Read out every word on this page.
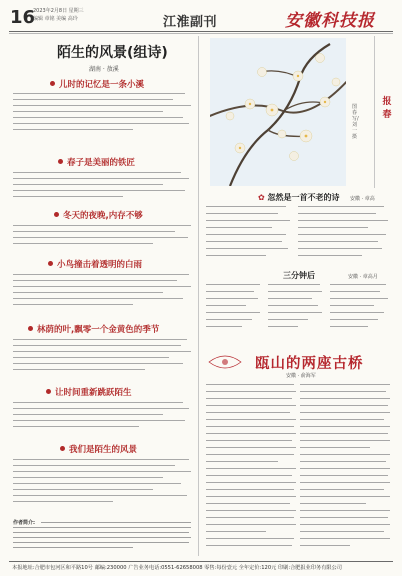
16
2023年2月8日 星期三
编辑 章铭 美编 高玲	江淮副刊	安徽科技报
陌生的风景(组诗)
湖南 · 敖溪
儿时的记忆是一条小溪
春子是美丽的铁匠
冬天的夜晚,内存不够
小鸟撞击着透明的白雨
林荫的叶,飘零一个金黄色的季节
让时间重新跳跃陌生
我们是陌生的风景
作者简介:
图春 写/刘 一 摄
报
春
✿ 忽然是一首不老的诗 安徽 · 章高
三分钟后	安徽 · 章高月
瓯山的两座古桥
安徽 · 俞海军
本报地址:合肥市包河区和平路10号 邮编:230000 广告业务电话:0551-62658008 零售:每份壹元 全年定价:120元 印刷:合肥报业印务有限公司
